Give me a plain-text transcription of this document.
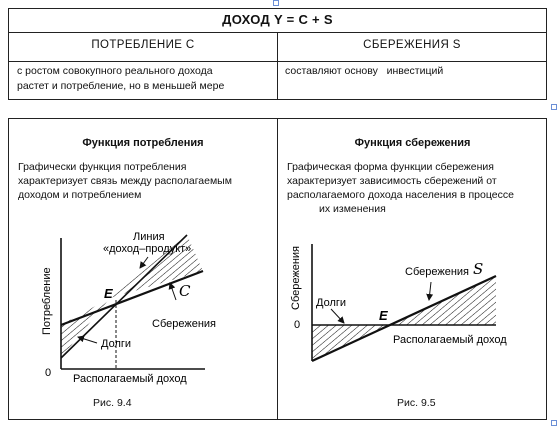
ДОХОД Y = C + S
ПОТРЕБЛЕНИЕ C	СБЕРЕЖЕНИЯ S
с ростом совокупного реального дохода
растет и потребление, но в меньшей мере
составляют основу   инвестиций
Функция потребления
Графически функция потребления
характеризует связь между располагаемым
доходом и потреблением
Рис. 9.4
Функция сбережения
Графическая форма функции сбережения
характеризует зависимость сбережений от
располагаемого дохода населения в процессе
их изменения
Рис. 9.5
Потребление
Располагаемый доход
0
Линия
«доход–продукт»
E	C
Сбережения
Долги
Сбережения
Располагаемый доход
0
E
S
Сбережения
Долги
